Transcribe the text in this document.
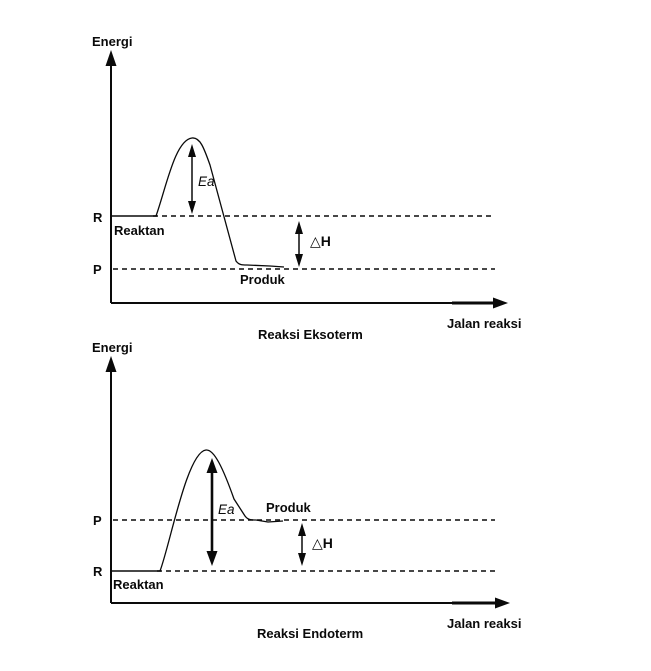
Energi
R
Reaktan
P
Produk
Ea
△H
Jalan reaksi
Reaksi Eksoterm
Energi
P
Produk
R
Reaktan
Ea
△H
Jalan reaksi
Reaksi Endoterm
